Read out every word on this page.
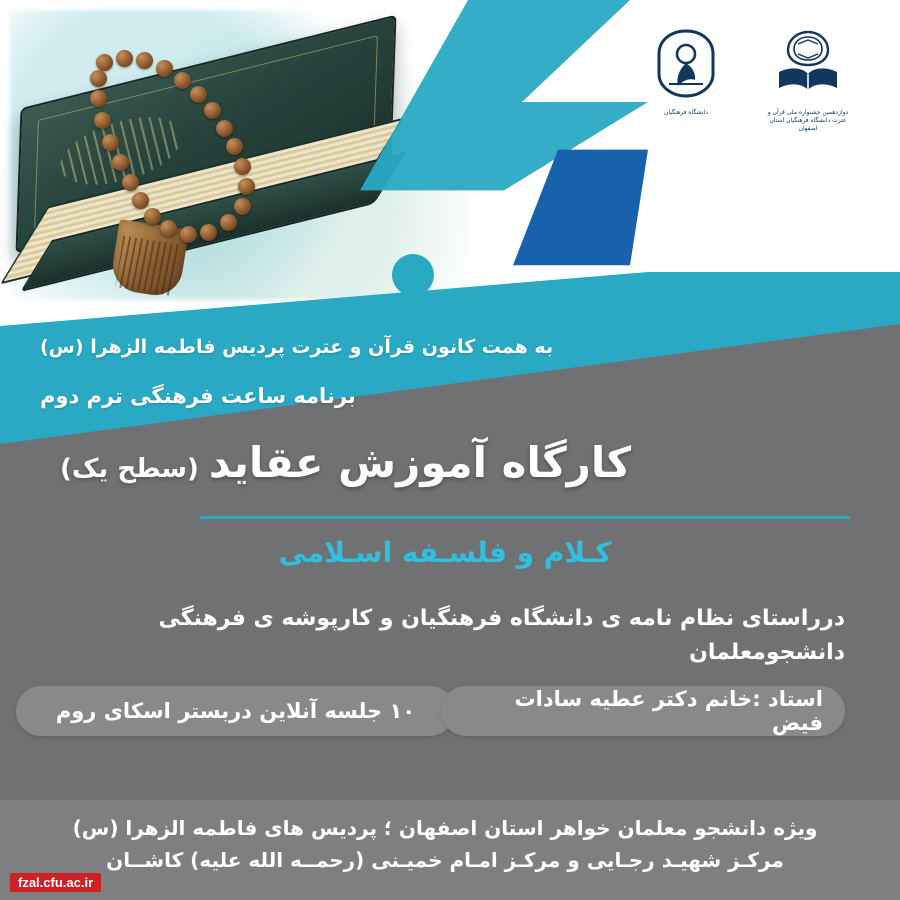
دوازدهمین جشنواره ملی قرآن و عترت دانشگاه فرهنگیان استان اصفهان
دانشگاه فرهنگیان
به همت کانون قرآن و عترت پردیس فاطمه الزهرا (س)
برنامه ساعت فرهنگی ترم دوم
کارگاه آموزش عقاید(سطح یک)
کـلام و فلسـفه اسـلامی
درراستای نظام نامه ی دانشگاه فرهنگیان و کارپوشه ی فرهنگی دانشجومعلمان
۱۰ جلسه آنلاین دربستر اسکای روم	استاد :خانم دکتر عطیه سادات فیض
ویژه دانشجو معلمان خواهر استان اصفهان ؛ پردیس های فاطمه الزهرا (س)
مرکـز شهیـد رجـایی و مرکـز امـام خمیـنی (رحمــه الله علیه) کاشــان
fzal.cfu.ac.ir
